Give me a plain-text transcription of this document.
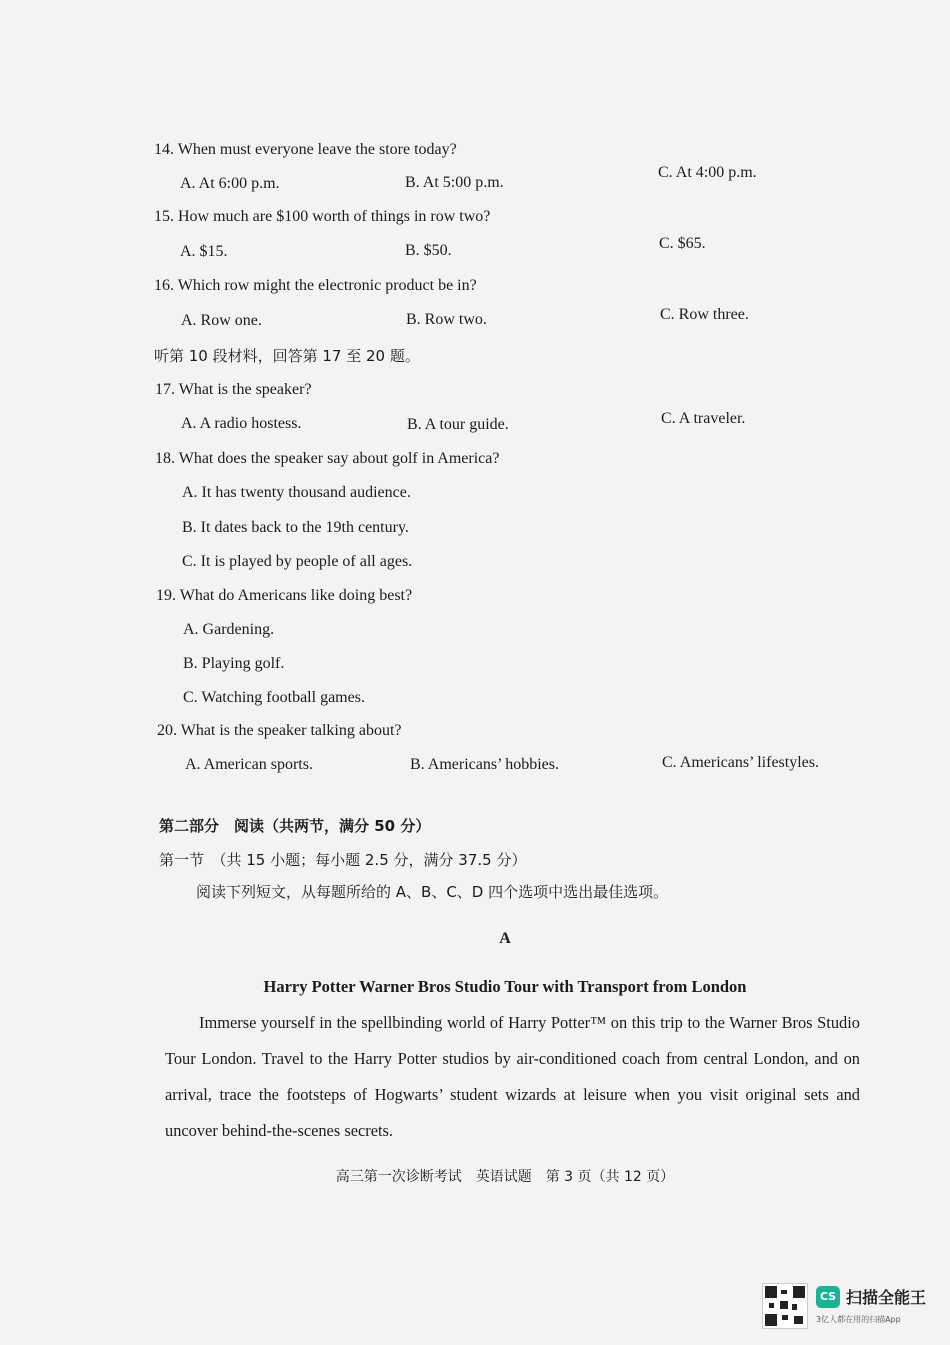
14. When must everyone leave the store today?
A. At 6:00 p.m.	B. At 5:00 p.m.
C. At 4:00 p.m.
15. How much are $100 worth of things in row two?
A. $15.	B. $50.	C. $65.
16. Which row might the electronic product be in?
A. Row one.	B. Row two.	C. Row three.
听第 10 段材料，回答第 17 至 20 题。
17. What is the speaker?
A. A radio hostess.	B. A tour guide.	C. A traveler.
18. What does the speaker say about golf in America?
A. It has twenty thousand audience.
B. It dates back to the 19th century.
C. It is played by people of all ages.
19. What do Americans like doing best?
A. Gardening.
B. Playing golf.
C. Watching football games.
20. What is the speaker talking about?
A. American sports.	B. Americans’ hobbies.	C. Americans’ lifestyles.
第二部分　阅读（共两节，满分 50 分）
第一节　（共 15 小题；每小题 2.5 分，满分 37.5 分）
阅读下列短文，从每题所给的 A、B、C、D 四个选项中选出最佳选项。
A
Harry Potter Warner Bros Studio Tour with Transport from London

Immerse yourself in the spellbinding world of Harry Potter™ on this trip to the Warner Bros Studio Tour London. Travel to the Harry Potter studios by air-conditioned coach from central London, and on arrival, trace the footsteps of Hogwarts’ student wizards at leisure when you visit original sets and uncover behind-the-scenes secrets.

高三第一次诊断考试　英语试题　第 3 页（共 12 页）
CS 扫描全能王
3亿人都在用的扫描App
